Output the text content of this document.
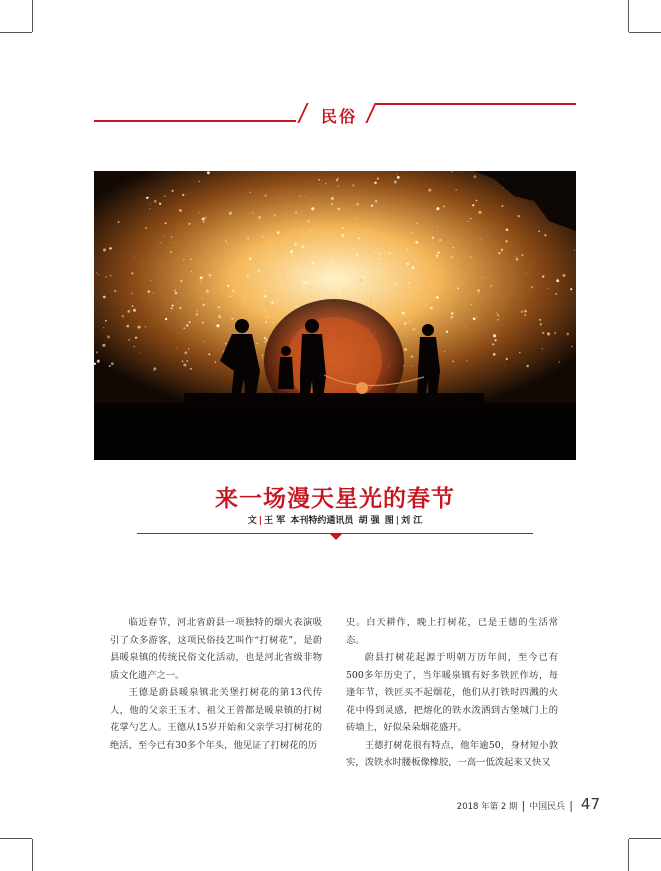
民俗
来一场漫天星光的春节
文 | 王 军 本刊特约通讯员 胡 强 图 | 刘 江

临近春节，河北省蔚县一项独特的烟火表演吸引了众多游客，这项民俗技艺叫作“打树花”，是蔚县暖泉镇的传统民俗文化活动，也是河北省级非物质文化遗产之一。

王德是蔚县暖泉镇北关堡打树花的第13代传人，他的父亲王玉才、祖父王普都是暖泉镇的打树花掌勺艺人。王德从15岁开始和父亲学习打树花的绝活，至今已有30多个年头，他见证了打树花的历

史。白天耕作，晚上打树花，已是王德的生活常态。

蔚县打树花起源于明朝万历年间，至今已有500多年历史了，当年暖泉镇有好多铁匠作坊，每逢年节，铁匠买不起烟花，他们从打铁时四溅的火花中得到灵感，把熔化的铁水泼洒到古堡城门上的砖墙上，好似朵朵烟花盛开。

王德打树花很有特点，他年逾50，身材短小敦实，泼铁水时腰板像橡胶，一高一低泼起来又快又

2018 年第 2 期 | 中国民兵 | 47
